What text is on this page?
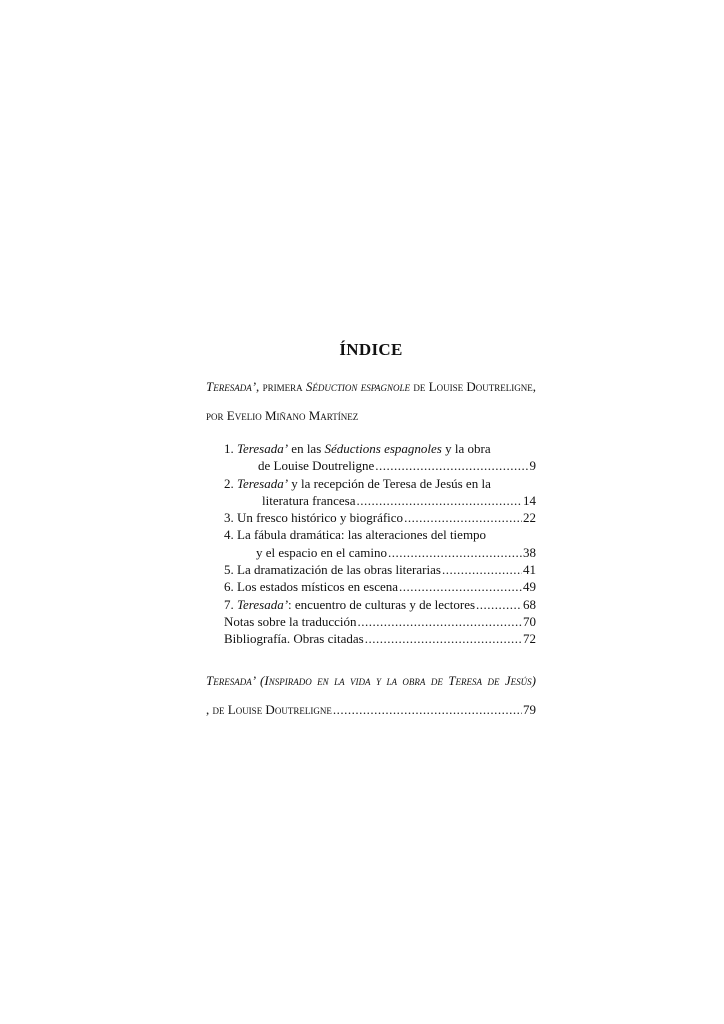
ÍNDICE
Teresada’, primera Séduction espagnole de Louise Doutreligne, por Evelio Miñano Martínez
1. Teresada’ en las Séductions espagnoles y la obra
de Louise Doutreligne .....	9
2. Teresada’ y la recepción de Teresa de Jesús en la
literatura francesa .....	14
3. Un fresco histórico y biográfico .....	22
4. La fábula dramática: las alteraciones del tiempo
y el espacio en el camino .....	38
5. La dramatización de las obras literarias .....	41
6. Los estados místicos en escena .....	49
7. Teresada’: encuentro de culturas y de lectores .....	68
Notas sobre la traducción .....	70
Bibliografía. Obras citadas .....	72
Teresada’ (Inspirado en la vida y la obra de Teresa de Jesús)
, de Louise Doutreligne .....	79
